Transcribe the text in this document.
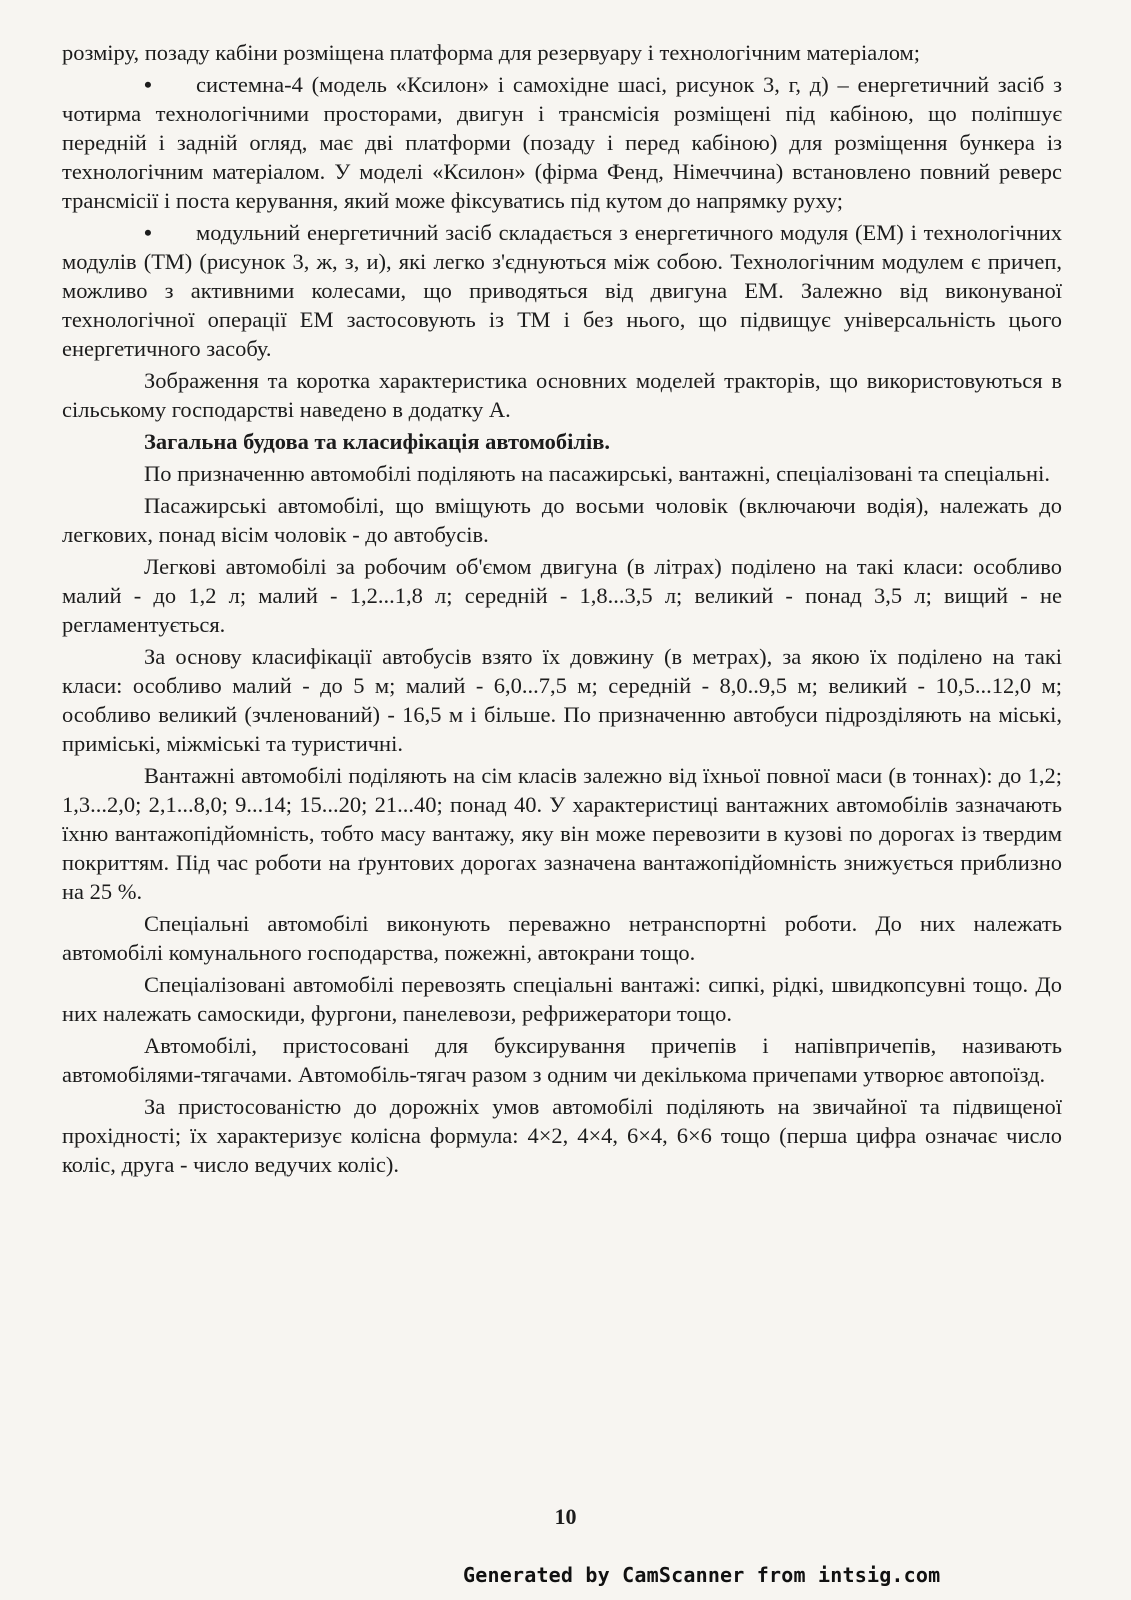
розміру, позаду кабіни розміщена платформа для резервуару і технологічним матеріалом;

• системна-4 (модель «Ксилон» і самохідне шасі, рисунок 3, г, д) – енергетичний засіб з чотирма технологічними просторами, двигун і трансмісія розміщені під кабіною, що поліпшує передній і задній огляд, має дві платформи (позаду і перед кабіною) для розміщення бункера із технологічним матеріалом. У моделі «Ксилон» (фірма Фенд, Німеччина) встановлено повний реверс трансмісії і поста керування, який може фіксуватись під кутом до напрямку руху;

• модульний енергетичний засіб складається з енергетичного модуля (ЕМ) і технологічних модулів (ТМ) (рисунок 3, ж, з, и), які легко з'єднуються між собою. Технологічним модулем є причеп, можливо з активними колесами, що приводяться від двигуна ЕМ. Залежно від виконуваної технологічної операції ЕМ застосовують із ТМ і без нього, що підвищує універсальність цього енергетичного засобу.

Зображення та коротка характеристика основних моделей тракторів, що використовуються в сільському господарстві наведено в додатку А.

Загальна будова та класифікація автомобілів.

По призначенню автомобілі поділяють на пасажирські, вантажні, спеціалізовані та спеціальні.

Пасажирські автомобілі, що вміщують до восьми чоловік (включаючи водія), належать до легкових, понад вісім чоловік - до автобусів.

Легкові автомобілі за робочим об'ємом двигуна (в літрах) поділено на такі класи: особливо малий - до 1,2 л; малий - 1,2...1,8 л; середній - 1,8...3,5 л; великий - понад 3,5 л; вищий - не регламентується.

За основу класифікації автобусів взято їх довжину (в метрах), за якою їх поділено на такі класи: особливо малий - до 5 м; малий - 6,0...7,5 м; середній - 8,0..9,5 м; великий - 10,5...12,0 м; особливо великий (зчленований) - 16,5 м і більше. По призначенню автобуси підрозділяють на міські, приміські, міжміські та туристичні.

Вантажні автомобілі поділяють на сім класів залежно від їхньої повної маси (в тоннах): до 1,2; 1,3...2,0; 2,1...8,0; 9...14; 15...20; 21...40; понад 40. У характеристиці вантажних автомобілів зазначають їхню вантажопідйомність, тобто масу вантажу, яку він може перевозити в кузові по дорогах із твердим покриттям. Під час роботи на ґрунтових дорогах зазначена вантажопідйомність знижується приблизно на 25 %.

Спеціальні автомобілі виконують переважно нетранспортні роботи. До них належать автомобілі комунального господарства, пожежні, автокрани тощо.

Спеціалізовані автомобілі перевозять спеціальні вантажі: сипкі, рідкі, швидкопсувні тощо. До них належать самоскиди, фургони, панелевози, рефрижератори тощо.

Автомобілі, пристосовані для буксирування причепів і напівпричепів, називають автомобілями-тягачами. Автомобіль-тягач разом з одним чи декількома причепами утворює автопоїзд.

За пристосованістю до дорожніх умов автомобілі поділяють на звичайної та підвищеної прохідності; їх характеризує колісна формула: 4×2, 4×4, 6×4, 6×6 тощо (перша цифра означає число коліс, друга - число ведучих коліс).

10
Generated by CamScanner from intsig.com
